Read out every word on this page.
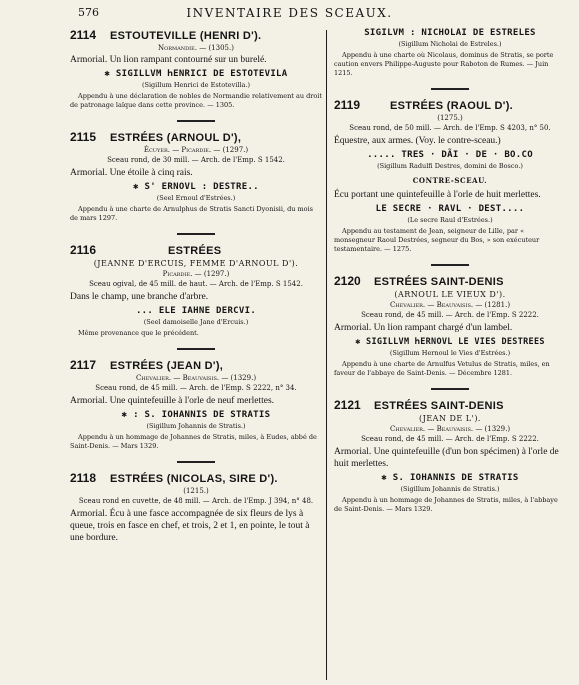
576	INVENTAIRE DES SCEAUX.
2114 ESTOUTEVILLE (HENRI D').
Normandie. — (1305.)
Armorial. Un lion rampant contourné sur un burelé.
✱ SIGILLVM ҺENRICI DE ESTOTEVILA
(Sigillum Henrici de Estotevilla.)
Appendu à une déclaration de nobles de Normandie relativement au droit de patronage laïque dans cette province. — 1305.
2115 ESTRÉES (ARNOUL D'),
Écuyer. — Picardie. — (1297.)
Sceau rond, de 30 mill. — Arch. de l'Emp. S 1542.
Armorial. Une étoile à cinq rais.
✱ S' ERNOVL : DESTRE..
(Seel Ernoul d'Estrées.)
Appendu à une charte de Arnulphus de Stratis Sancti Dyonisii, du mois de mars 1297.
2116	ESTRÉES
(JEANNE D'ERCUIS, FEMME D'ARNOUL D').
Picardie. — (1297.)
Sceau ogival, de 45 mill. de haut. — Arch. de l'Emp. S 1542.
Dans le champ, une branche d'arbre.
... ELE IAHNE DERCVI.
(Seel damoiselle Jane d'Ercuis.)
Même provenance que le précédent.
2117 ESTRÉES (JEAN D'),
Chevalier. — Beauvaisis. — (1329.)
Sceau rond, de 45 mill. — Arch. de l'Emp. S 2222, n° 34.
Armorial. Une quintefeuille à l'orle de neuf merlettes.
✱ : S. IOHANNIS DE STRATIS
(Sigillum Johannis de Stratis.)
Appendu à un hommage de Johannes de Stratis, miles, à Eudes, abbé de Saint-Denis. — Mars 1329.
2118 ESTRÉES (NICOLAS, SIRE D').
(1215.)
Sceau rond en cuvette, de 48 mill. — Arch. de l'Emp. J 394, n° 48.
Armorial. Écu à une fasce accompagnée de six fleurs de lys à queue, trois en fasce en chef, et trois, 2 et 1, en pointe, le tout à une bordure.
SIGILVM : NICHOLAI DE ESTRELES
(Sigillum Nicholai de Estreles.)
Appendu à une charte où Nicolaus, dominus de Stratis, se porte caution envers Philippe-Auguste pour Raboton de Rumes. — Juin 1215.
2119	ESTRÉES (RAOUL D').
(1275.)
Sceau rond, de 50 mill. — Arch. de l'Emp. S 4203, n° 50.
Équestre, aux armes. (Voy. le contre-sceau.)
..... TRES · DÃI · DE · BO.CO
(Sigillum Radulfi Destres, domini de Bosco.)
CONTRE-SCEAU.
Écu portant une quintefeuille à l'orle de huit merlettes.
LE SECRE · RAVL · DEST....
(Le secre Raul d'Estrées.)
Appendu au testament de Jean, seigneur de Lille, par « monsegneur Raoul Destrées, segneur du Bos, » son exécuteur testamentaire. — 1275.
2120 ESTRÉES SAINT-DENIS
(ARNOUL LE VIEUX D').
Chevalier. — Beauvaisis. — (1281.)
Sceau rond, de 45 mill. — Arch. de l'Emp. S 2222.
Armorial. Un lion rampant chargé d'un lambel.
✱ SIGILLVM ҺERNOVL LE VIES DESTREES
(Sigillum Hernoul le Vies d'Estrées.)
Appendu à une charte de Arnulfus Vetulus de Stratis, miles, en faveur de l'abbaye de Saint-Denis. — Décembre 1281.
2121 ESTRÉES SAINT-DENIS
(JEAN DE L').
Chevalier. — Beauvaisis. — (1329.)
Sceau rond, de 45 mill. — Arch. de l'Emp. S 2222.
Armorial. Une quintefeuille (d'un bon spécimen) à l'orle de huit merlettes.
✱ S. IOHANNIS DE STRATIS
(Sigillum Johannis de Stratis.)
Appendu à un hommage de Johannes de Stratis, miles, à l'abbaye de Saint-Denis. — Mars 1329.
